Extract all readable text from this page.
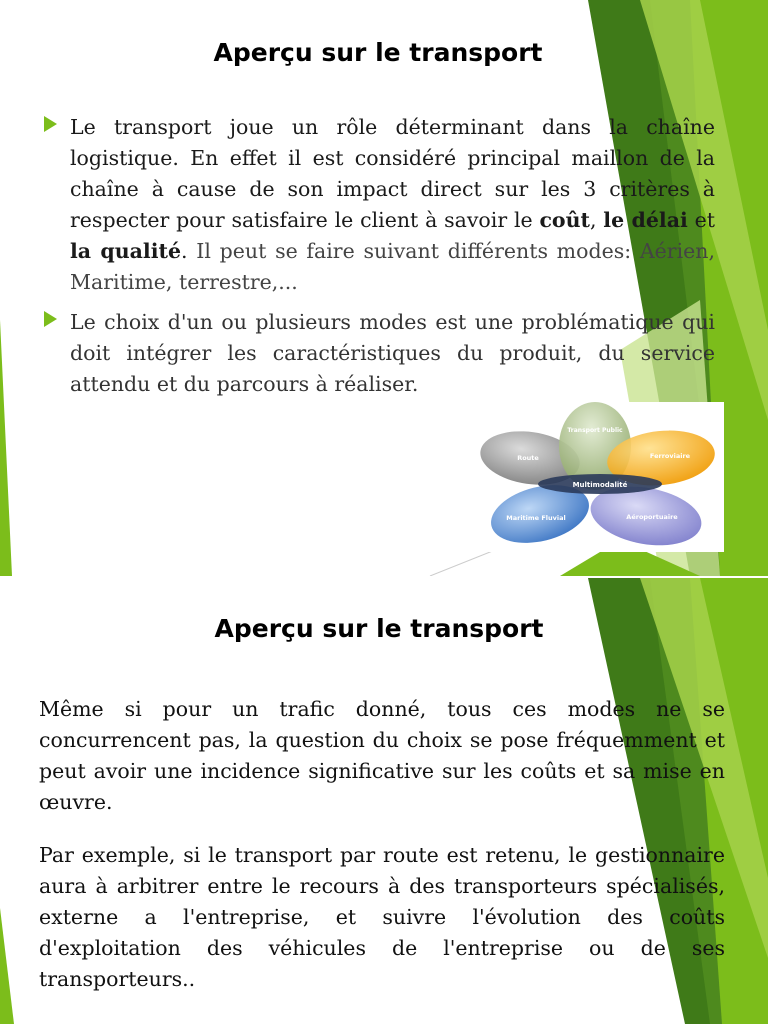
Aperçu sur le transport
Le transport joue un rôle déterminant dans la chaîne logistique. En effet il est considéré principal maillon de la chaîne à cause de son impact direct sur les 3 critères à respecter pour satisfaire le client à savoir le coût, le délai et la qualité. Il peut se faire suivant différents modes: Aérien, Maritime, terrestre,...
Le choix d'un ou plusieurs modes est une problématique qui doit intégrer les caractéristiques du produit, du service attendu et du parcours à réaliser.
Multimodalité
Transport Public
Ferroviaire
Route
Maritime Fluvial	Aéroportuaire
Aperçu sur le transport

Même si pour un trafic donné, tous ces modes ne se concurrencent pas, la question du choix se pose fréquemment et peut avoir une incidence significative sur les coûts et sa mise en œuvre.

Par exemple, si le transport par route est retenu, le gestionnaire aura à arbitrer entre le recours à des transporteurs spécialisés, externe a l'entreprise, et suivre l'évolution des coûts d'exploitation des véhicules de l'entreprise ou de ses transporteurs..
